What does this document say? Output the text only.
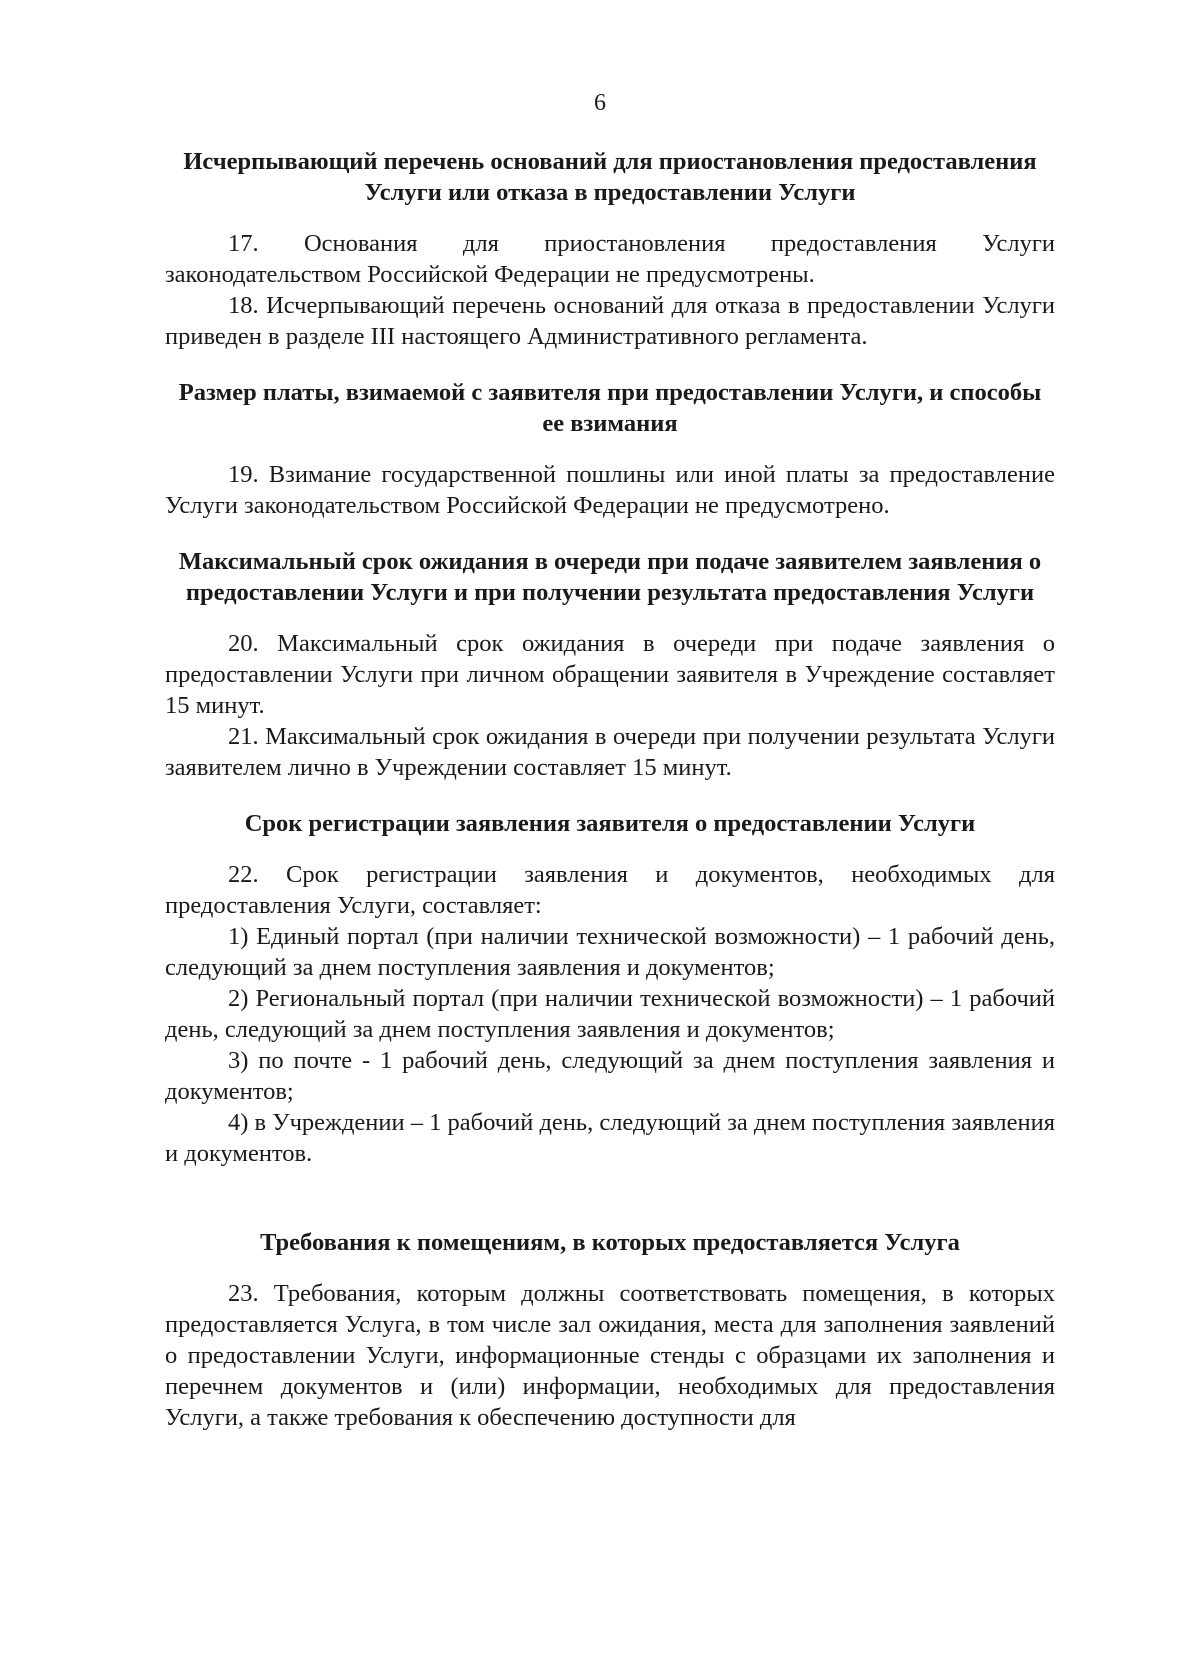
6

Исчерпывающий перечень оснований для приостановления предоставления Услуги или отказа в предоставлении Услуги

17. Основания для приостановления предоставления Услуги законодательством Российской Федерации не предусмотрены.

18. Исчерпывающий перечень оснований для отказа в предоставлении Услуги приведен в разделе III настоящего Административного регламента.

Размер платы, взимаемой с заявителя при предоставлении Услуги, и способы ее взимания

19. Взимание государственной пошлины или иной платы за предоставление Услуги законодательством Российской Федерации не предусмотрено.

Максимальный срок ожидания в очереди при подаче заявителем заявления о предоставлении Услуги и при получении результата предоставления Услуги

20. Максимальный срок ожидания в очереди при подаче заявления о предоставлении Услуги при личном обращении заявителя в Учреждение составляет 15 минут.

21. Максимальный срок ожидания в очереди при получении результата Услуги заявителем лично в Учреждении составляет 15 минут.

Срок регистрации заявления заявителя о предоставлении Услуги

22. Срок регистрации заявления и документов, необходимых для предоставления Услуги, составляет:

1) Единый портал (при наличии технической возможности) – 1 рабочий день, следующий за днем поступления заявления и документов;

2) Региональный портал (при наличии технической возможности) – 1 рабочий день, следующий за днем поступления заявления и документов;

3) по почте - 1 рабочий день, следующий за днем поступления заявления и документов;

4) в Учреждении – 1 рабочий день, следующий за днем поступления заявления и документов.

Требования к помещениям, в которых предоставляется Услуга

23. Требования, которым должны соответствовать помещения, в которых предоставляется Услуга, в том числе зал ожидания, места для заполнения заявлений о предоставлении Услуги, информационные стенды с образцами их заполнения и перечнем документов и (или) информации, необходимых для предоставления Услуги, а также требования к обеспечению доступности для
